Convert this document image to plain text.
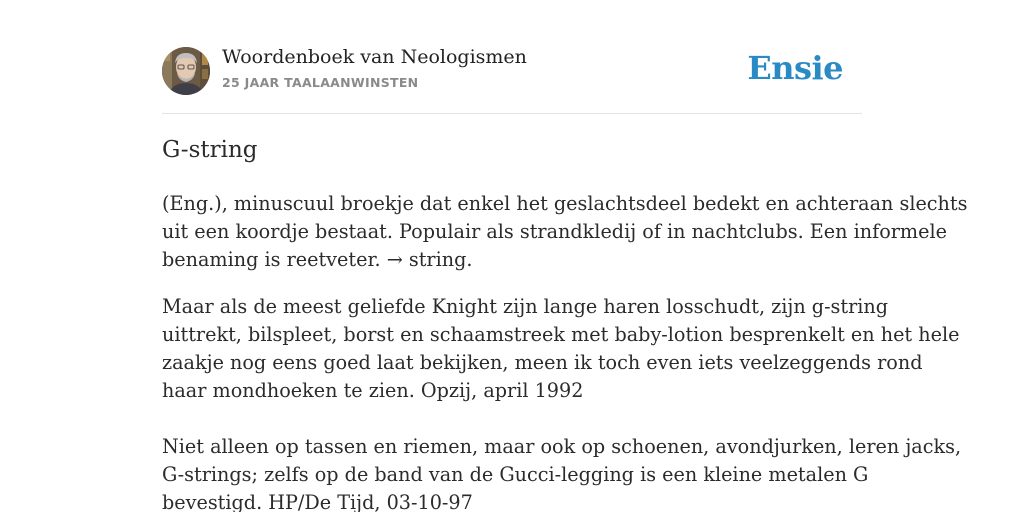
Woordenboek van Neologismen
25 JAAR TAALAANWINSTEN	Ensie
G-string
(Eng.), minuscuul broekje dat enkel het geslachtsdeel bedekt en achteraan slechts
uit een koordje bestaat. Populair als strandkledij of in nachtclubs. Een informele
benaming is reetveter. → string.
Maar als de meest geliefde Knight zijn lange haren losschudt, zijn g-string
uittrekt, bilspleet, borst en schaamstreek met baby-lotion besprenkelt en het hele
zaakje nog eens goed laat bekijken, meen ik toch even iets veelzeggends rond
haar mondhoeken te zien. Opzij, april 1992
Niet alleen op tassen en riemen, maar ook op schoenen, avondjurken, leren jacks,
G-strings; zelfs op de band van de Gucci-legging is een kleine metalen G
bevestigd. HP/De Tijd, 03-10-97
